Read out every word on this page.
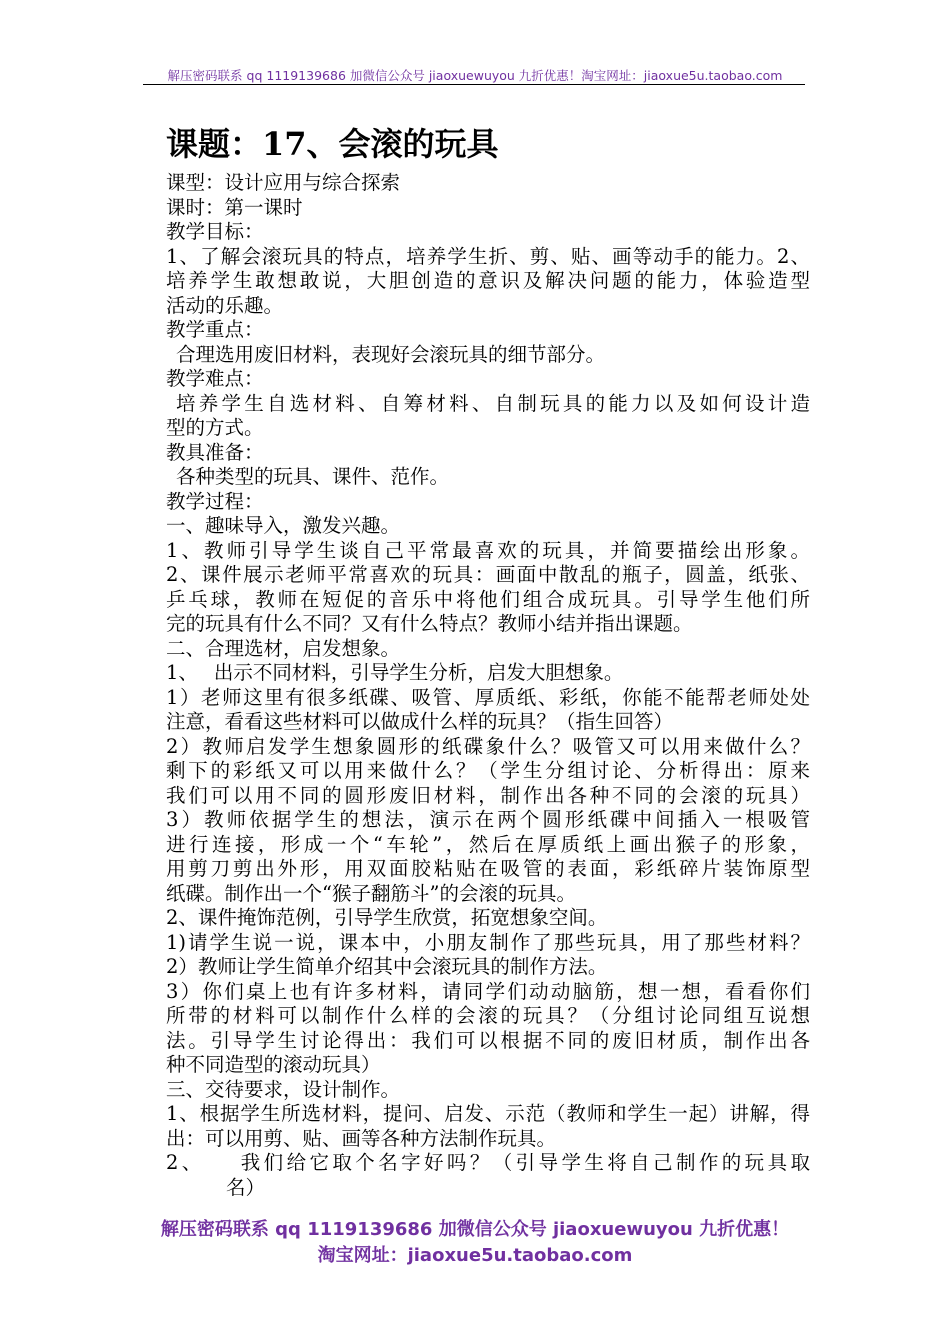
解压密码联系 qq 1119139686 加微信公众号 jiaoxuewuyou 九折优惠！淘宝网址：jiaoxue5u.taobao.com
课题：17、会滚的玩具
课型：设计应用与综合探索
课时：第一课时
教学目标：
1、了解会滚玩具的特点，培养学生折、剪、贴、画等动手的能力。2、
培养学生敢想敢说，大胆创造的意识及解决问题的能力，体验造型
活动的乐趣。
教学重点：
合理选用废旧材料，表现好会滚玩具的细节部分。
教学难点：
培养学生自选材料、自筹材料、自制玩具的能力以及如何设计造
型的方式。
教具准备：
各种类型的玩具、课件、范作。
教学过程：
一、趣味导入，激发兴趣。
1、教师引导学生谈自己平常最喜欢的玩具，并简要描绘出形象。
2、课件展示老师平常喜欢的玩具：画面中散乱的瓶子，圆盖，纸张、
乒乓球，教师在短促的音乐中将他们组合成玩具。引导学生他们所
完的玩具有什么不同？又有什么特点？教师小结并指出课题。
二、合理选材，启发想象。
1、　 出示不同材料，引导学生分析，启发大胆想象。
1）老师这里有很多纸碟、吸管、厚质纸、彩纸，你能不能帮老师处处
注意，看看这些材料可以做成什么样的玩具？（指生回答）
2）教师启发学生想象圆形的纸碟象什么？吸管又可以用来做什么？
剩下的彩纸又可以用来做什么？（学生分组讨论、分析得出：原来
我们可以用不同的圆形废旧材料，制作出各种不同的会滚的玩具）
3）教师依据学生的想法，演示在两个圆形纸碟中间插入一根吸管
进行连接，形成一个“车轮”，然后在厚质纸上画出猴子的形象，
用剪刀剪出外形，用双面胶粘贴在吸管的表面，彩纸碎片装饰原型
纸碟。制作出一个“猴子翻筋斗”的会滚的玩具。
2、课件掩饰范例，引导学生欣赏，拓宽想象空间。
1)请学生说一说，课本中，小朋友制作了那些玩具，用了那些材料？
2）教师让学生简单介绍其中会滚玩具的制作方法。
3）你们桌上也有许多材料，请同学们动动脑筋，想一想，看看你们
所带的材料可以制作什么样的会滚的玩具？（分组讨论同组互说想
法。引导学生讨论得出：我们可以根据不同的废旧材质，制作出各
种不同造型的滚动玩具）
三、交待要求，设计制作。
1、根据学生所选材料，提问、启发、示范（教师和学生一起）讲解，得
出：可以用剪、贴、画等各种方法制作玩具。
2、　　我们给它取个名字好吗？（引导学生将自己制作的玩具取
名）
解压密码联系 qq 1119139686 加微信公众号 jiaoxuewuyou 九折优惠！
淘宝网址：jiaoxue5u.taobao.com
